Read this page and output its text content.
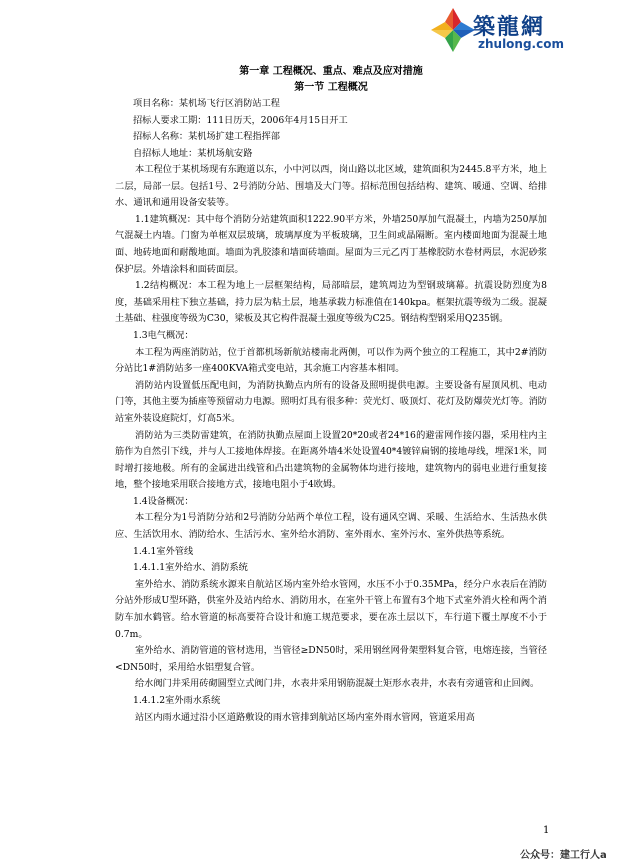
築龍網
zhulong.com
第一章 工程概况、重点、难点及应对措施
第一节 工程概况
项目名称：某机场飞行区消防站工程
招标人要求工期：111日历天，2006年4月15日开工
招标人名称：某机场扩建工程指挥部
自招标人地址：某机场航安路

本工程位于某机场现有东跑道以东，小中河以西，岗山路以北区域，建筑面积为2445.8平方米，地上二层，局部一层。包括1号、2号消防分站、围墙及大门等。招标范围包括结构、建筑、暖通、空调、给排水、通讯和通用设备安装等。

1.1建筑概况：其中每个消防分站建筑面积1222.90平方米，外墙250厚加气混凝土，内墙为250厚加气混凝土内墙。门窗为单框双层玻璃，玻璃厚度为平板玻璃，卫生间或晶隔断。室内楼面地面为混凝土地面、地砖地面和耐酸地面。墙面为乳胶漆和墙面砖墙面。屋面为三元乙丙丁基橡胶防水卷材两层，水泥砂浆保护层。外墙涂料和面砖面层。

1.2结构概况：本工程为地上一层框架结构，局部暗层，建筑周边为型钢玻璃幕。抗震设防烈度为8度，基础采用柱下独立基础，持力层为粘土层，地基承载力标准值在140kpa。框架抗震等级为二级。混凝土基础、柱强度等级为C30，梁板及其它构件混凝土强度等级为C25。钢结构型钢采用Q235钢。

1.3电气概况：

本工程为两座消防站，位于首都机场新航站楼南北两侧，可以作为两个独立的工程施工，其中2#消防分站比1#消防站多一座400KVA箱式变电站，其余施工内容基本相同。

消防站内设置低压配电间，为消防执勤点内所有的设备及照明提供电源。主要设备有屋顶风机、电动门等，其他主要为插座等预留动力电源。照明灯具有很多种：荧光灯、吸顶灯、花灯及防爆荧光灯等。消防站室外装设庭院灯，灯高5米。

消防站为三类防雷建筑，在消防执勤点屋面上设置20*20或者24*16的避雷网作接闪器，采用柱内主筋作为自然引下线，并与人工接地体焊接。在距离外墙4米处设置40*4镀锌扁钢的接地母线，埋深1米，同时增打接地极。所有的金属进出线管和凸出建筑物的金属物体均进行接地，建筑物内的弱电业进行重复接地，整个接地采用联合接地方式，接地电阻小于4欧姆。

1.4设备概况：

本工程分为1号消防分站和2号消防分站两个单位工程，设有通风空调、采暖、生活给水、生活热水供应、生活饮用水、消防给水、生活污水、室外给水消防、室外雨水、室外污水、室外供热等系统。

1.4.1室外管线
1.4.1.1室外给水、消防系统

室外给水、消防系统水源来自航站区场内室外给水管网，水压不小于0.35MPa，经分户水表后在消防分站外形成U型环路，供室外及站内给水、消防用水，在室外干管上布置有3个地下式室外消火栓和两个消防车加水鹤管。给水管道的标高要符合设计和施工规范要求，要在冻土层以下，车行道下覆土厚度不小于0.7m。

室外给水、消防管道的管材选用，当管径≥DN50时，采用钢丝网骨架塑料复合管，电熔连接，当管径<DN50时，采用给水铝塑复合管。

给水阀门井采用砖砌圆型立式阀门井，水表井采用钢筋混凝土矩形水表井，水表有旁通管和止回阀。

1.4.1.2室外雨水系统

站区内雨水通过沿小区道路敷设的雨水管排到航站区场内室外雨水管网，管道采用高

1
公众号：建工行人a
